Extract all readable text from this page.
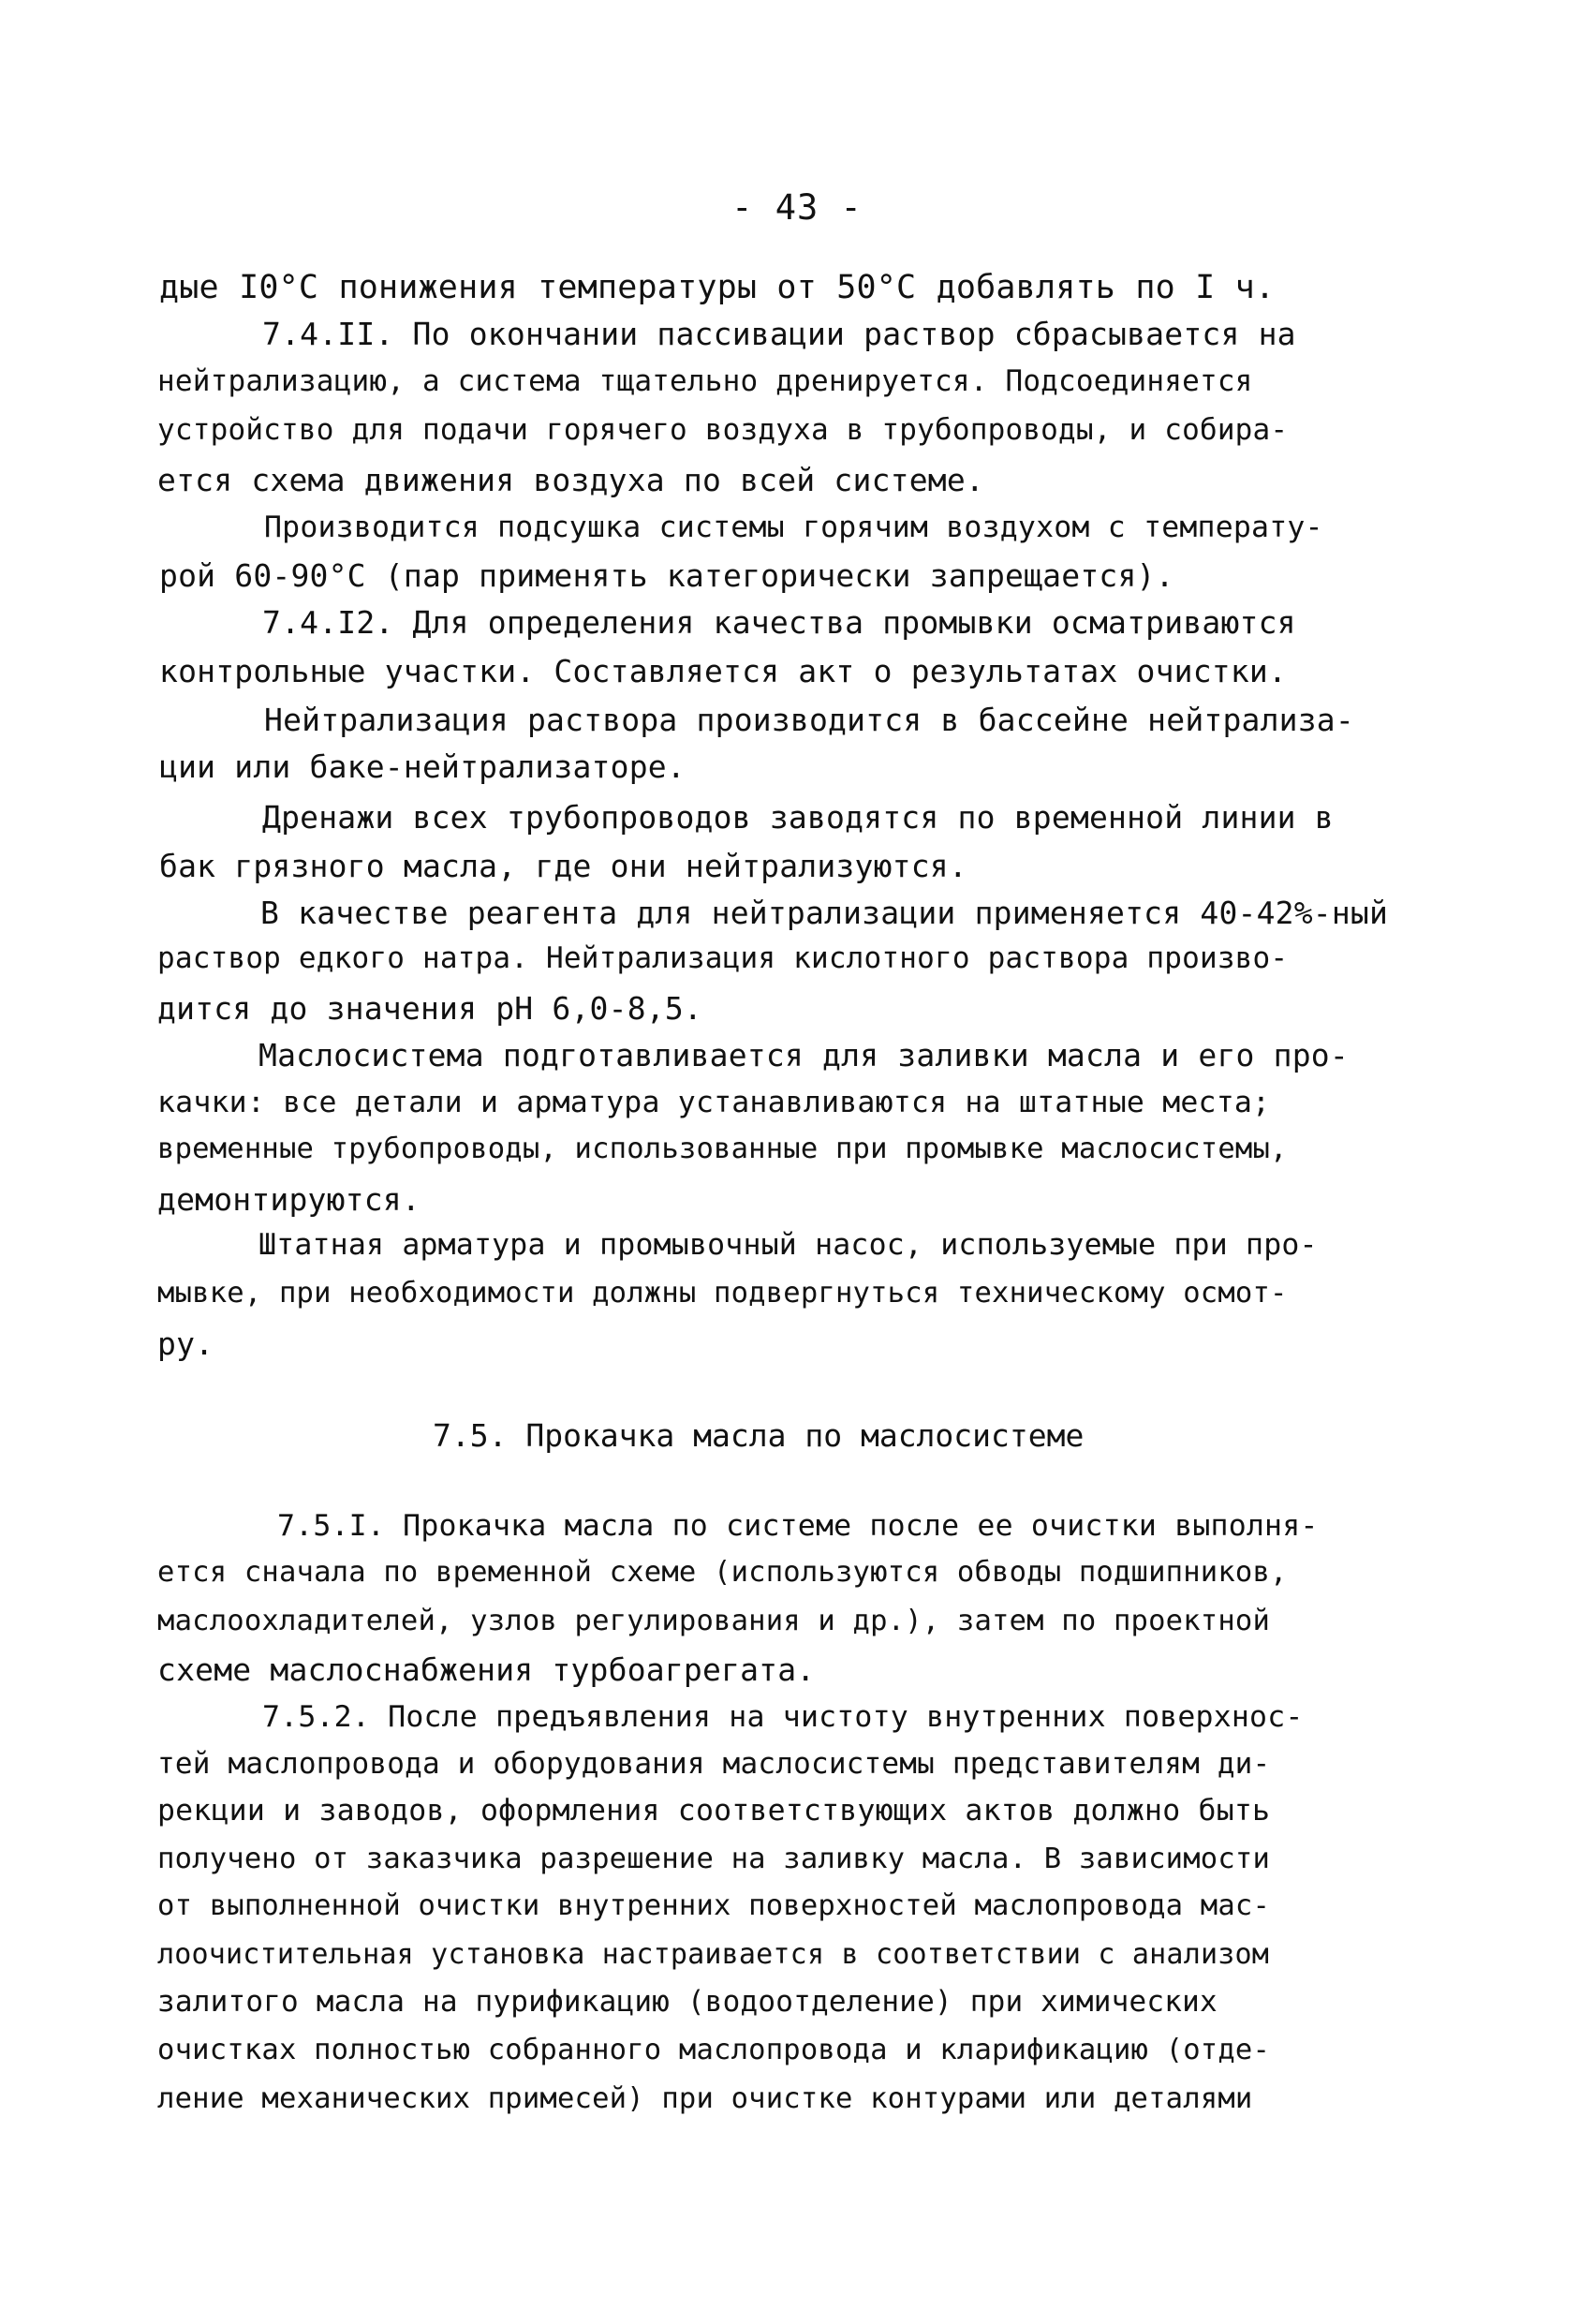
- 43 -
дые I0°C понижения температуры от 50°C добавлять по I ч.
7.4.II. По окончании пассивации раствор сбрасывается на
нейтрализацию, а система тщательно дренируется. Подсоединяется
устройство для подачи горячего воздуха в трубопроводы, и собира-
ется схема движения воздуха по всей системе.
Производится подсушка системы горячим воздухом с температу-
рой 60-90°C (пар применять категорически запрещается).
7.4.I2. Для определения качества промывки осматриваются
контрольные участки. Составляется акт о результатах очистки.
Нейтрализация раствора производится в бассейне нейтрализа-
ции или баке-нейтрализаторе.
Дренажи всех трубопроводов заводятся по временной линии в
бак грязного масла, где они нейтрализуются.
В качестве реагента для нейтрализации применяется 40-42%-ный
раствор едкого натра. Нейтрализация кислотного раствора произво-
дится до значения pH 6,0-8,5.
Маслосистема подготавливается для заливки масла и его про-
качки: все детали и арматура устанавливаются на штатные места;
временные трубопроводы, использованные при промывке маслосистемы,
демонтируются.
Штатная арматура и промывочный насос, используемые при про-
мывке, при необходимости должны подвергнуться техническому осмот-
ру.
7.5. Прокачка масла по маслосистеме
7.5.I. Прокачка масла по системе после ее очистки выполня-
ется сначала по временной схеме (используются обводы подшипников,
маслоохладителей, узлов регулирования и др.), затем по проектной
схеме маслоснабжения турбоагрегата.
7.5.2. После предъявления на чистоту внутренних поверхнос-
тей маслопровода и оборудования маслосистемы представителям ди-
рекции и заводов, оформления соответствующих актов должно быть
получено от заказчика разрешение на заливку масла. В зависимости
от выполненной очистки внутренних поверхностей маслопровода мас-
лоочистительная установка настраивается в соответствии с анализом
залитого масла на пурификацию (водоотделение) при химических
очистках полностью собранного маслопровода и кларификацию (отде-
ление механических примесей) при очистке контурами или деталями
